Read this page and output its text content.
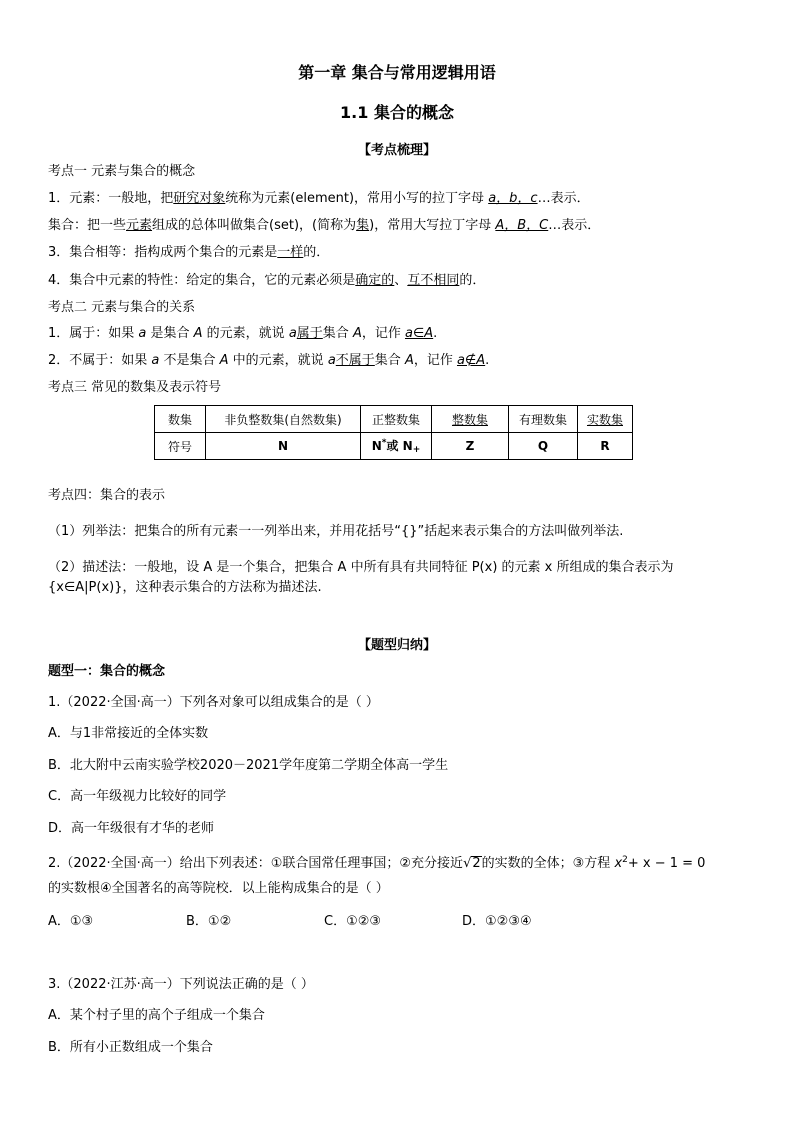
第一章 集合与常用逻辑用语
1.1 集合的概念
【考点梳理】
考点一 元素与集合的概念
1．元素：一般地，把研究对象统称为元素(element)，常用小写的拉丁字母 a，b，c…表示．
集合：把一些元素组成的总体叫做集合(set)，(简称为集)，常用大写拉丁字母 A，B，C…表示．
3．集合相等：指构成两个集合的元素是一样的．
4．集合中元素的特性：给定的集合，它的元素必须是确定的、互不相同的．
考点二 元素与集合的关系
1．属于：如果 a 是集合 A 的元素，就说 a属于集合 A，记作 a∈A.
2．不属于：如果 a 不是集合 A 中的元素，就说 a不属于集合 A，记作 a∉A.
考点三 常见的数集及表示符号
数集	非负整数集(自然数集)	正整数集	整数集	有理数集	实数集
符号	N	N*或 $N_+$	Z	Q	R
考点四：集合的表示
（1）列举法：把集合的所有元素一一列举出来，并用花括号“{}”括起来表示集合的方法叫做列举法.
（2）描述法：一般地，设 A 是一个集合，把集合 A 中所有具有共同特征 P(x) 的元素 x 所组成的集合表示为
{x∈A|P(x)}，这种表示集合的方法称为描述法.
【题型归纳】
题型一：集合的概念
1.（2022·全国·高一）下列各对象可以组成集合的是（ ）
A．与1非常接近的全体实数
B．北大附中云南实验学校2020－2021学年度第二学期全体高一学生
C．高一年级视力比较好的同学
D．高一年级很有才华的老师
2.（2022·全国·高一）给出下列表述：①联合国常任理事国；②充分接近√2的实数的全体；③方程 $x^2+ x - 1 = 0$
的实数根④全国著名的高等院校．以上能构成集合的是（ ）
A．①③	B．①②	C．①②③	D．①②③④
3.（2022·江苏·高一）下列说法正确的是（ ）
A．某个村子里的高个子组成一个集合
B．所有小正数组成一个集合
